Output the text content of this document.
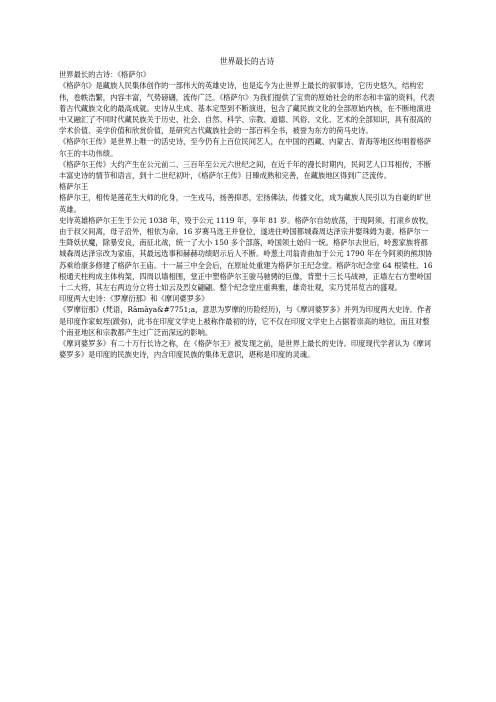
世界最长的古诗
世界最长的古诗：《格萨尔》
《格萨尔》是藏族人民集体创作的一部伟大的英雄史诗，也是迄今为止世界上最长的叙事诗，它历史悠久，结构宏伟，卷帙浩繁，内容丰富，气势磅礴，流传广泛。《格萨尔》为我们提供了宝贵的原始社会的形态和丰富的资料，代表着古代藏族文化的最高成就。史诗从生成、基本定型到不断演进，包含了藏民族文化的全部原始内核，在不断地演进中又融汇了不同时代藏民族关于历史、社会、自然、科学、宗教、道德、风俗、文化、艺术的全部知识，具有很高的学术价值、美学价值和欣赏价值，是研究古代藏族社会的一部百科全书，被誉为东方的荷马史诗。
《格萨尔王传》是世界上唯一的活史诗，至今仍有上百位民间艺人，在中国的西藏、内蒙古、青海等地区传唱着格萨尔王的丰功伟绩。
《格萨尔王传》大约产生在公元前二、三百年至公元六世纪之间，在近千年的漫长时期内，民间艺人口耳相传，不断丰富史诗的情节和语言，到十二世纪初叶，《格萨尔王传》日臻成熟和完善，在藏族地区得到广泛流传。
格萨尔王
格萨尔王，相传是莲花生大师的化身，一生戎马，扬善抑恶，宏扬佛法，传播文化，成为藏族人民引以为自豪的旷世英雄。
史诗英雄格萨尔王生于公元 1038 年，殁于公元 1119 年，享年 81 岁。格萨尔自幼放荡，于现阿须、打滚乡放牧，由于叔父间离，母子沿外，相依为命。16 岁赛马选王并登位，遂进住岭国都城森周达泽宗并娶珠姆为妻。格萨尔一生降妖伏魔，除暴安良，南征北战，统一了大小 150 多个部落，岭国领土始归一统。格萨尔去世后，岭葱家族将都城森周达泽宗改为家庙，其最远选事和赫赫功绩昭示后人不断。岭葱土司翁青曲加于公元 1790 年在今阿须的熊坝协苏乘给康多修建了格萨尔王庙。十一届三中全会后，在原址处重建为格萨尔王纪念堂。格萨尔纪念堂 64 根梁柱、16 根通天柱构成主体构架，四周以墙相围，堂正中塑格萨尔王骏马驰骋的巨像，背塑十三长马战神，正墙左右方塑岭国十二大将，其左右两边分立将士如云及烈女翩翩。整个纪念堂庄重典雅，雄奇壮观，实乃凭吊览古的盛观。
印度两大史诗：《罗摩衍那》和《摩诃婆罗多》
《罗摩衍那》(梵语，Rāmāya&#7751;a，意思为罗摩的历险经历)，与《摩诃婆罗多》并列为印度两大史诗。作者是印度作家蚁垤(跋弥)，此书在印度文学史上被称作最初的诗，它不仅在印度文学史上占据着崇高的地位，而且对整个南亚地区和宗教都产生过广泛而深远的影响。
《摩诃婆罗多》有二十万行长诗之称，在《格萨尔王》被发现之前，是世界上最长的史诗。印度现代学者认为《摩诃婆罗多》是印度的民族史诗，内含印度民族的集体无意识，堪称是印度的灵魂。
